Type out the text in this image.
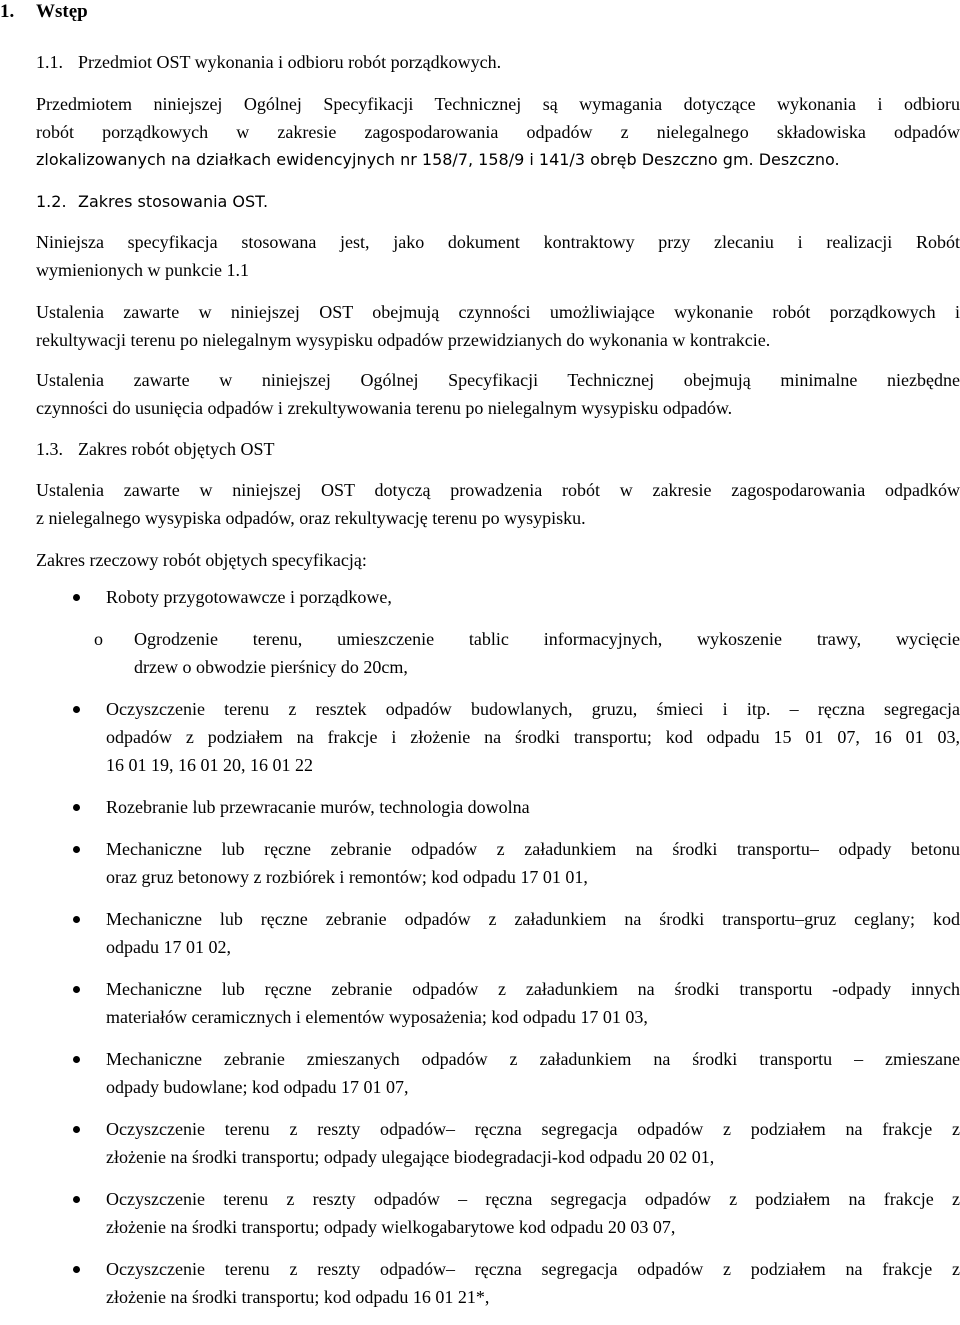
1. Wstęp
1.1. Przedmiot OST wykonania i odbioru robót porządkowych.
Przedmiotem niniejszej Ogólnej Specyfikacji Technicznej są wymagania dotyczące wykonania i odbioru
robót porządkowych w zakresie zagospodarowania odpadów z nielegalnego składowiska odpadów
zlokalizowanych na działkach ewidencyjnych nr 158/7, 158/9 i 141/3 obręb Deszczno gm. Deszczno.
1.2. Zakres stosowania OST.
Niniejsza specyfikacja stosowana jest, jako dokument kontraktowy przy zlecaniu i realizacji Robót
wymienionych w punkcie 1.1
Ustalenia zawarte w niniejszej OST obejmują czynności umożliwiające wykonanie robót porządkowych i
rekultywacji terenu po nielegalnym wysypisku odpadów przewidzianych do wykonania w kontrakcie.
Ustalenia zawarte w niniejszej Ogólnej Specyfikacji Technicznej obejmują minimalne niezbędne
czynności do usunięcia odpadów i zrekultywowania terenu po nielegalnym wysypisku odpadów.
1.3. Zakres robót objętych OST
Ustalenia zawarte w niniejszej OST dotyczą prowadzenia robót w zakresie zagospodarowania odpadków
z nielegalnego wysypiska odpadów, oraz rekultywację terenu po wysypisku.
Zakres rzeczowy robót objętych specyfikacją:
Roboty przygotowawcze i porządkowe,
o Ogrodzenie terenu, umieszczenie tablic informacyjnych, wykoszenie trawy, wycięcie
drzew o obwodzie pierśnicy do 20cm,
Oczyszczenie terenu z resztek odpadów budowlanych, gruzu, śmieci i itp. – ręczna segregacja
odpadów z podziałem na frakcje i złożenie na środki transportu; kod odpadu 15 01 07, 16 01 03,
16 01 19, 16 01 20, 16 01 22
Rozebranie lub przewracanie murów, technologia dowolna
Mechaniczne lub ręczne zebranie odpadów z załadunkiem na środki transportu– odpady betonu
oraz gruz betonowy z rozbiórek i remontów; kod odpadu 17 01 01,
Mechaniczne lub ręczne zebranie odpadów z załadunkiem na środki transportu–gruz ceglany; kod
odpadu 17 01 02,
Mechaniczne lub ręczne zebranie odpadów z załadunkiem na środki transportu -odpady innych
materiałów ceramicznych i elementów wyposażenia; kod odpadu 17 01 03,
Mechaniczne zebranie zmieszanych odpadów z załadunkiem na środki transportu – zmieszane
odpady budowlane; kod odpadu 17 01 07,
Oczyszczenie terenu z reszty odpadów– ręczna segregacja odpadów z podziałem na frakcje z
złożenie na środki transportu; odpady ulegające biodegradacji-kod odpadu 20 02 01,
Oczyszczenie terenu z reszty odpadów – ręczna segregacja odpadów z podziałem na frakcje z
złożenie na środki transportu; odpady wielkogabarytowe kod odpadu 20 03 07,
Oczyszczenie terenu z reszty odpadów– ręczna segregacja odpadów z podziałem na frakcje z
złożenie na środki transportu; kod odpadu 16 01 21*,
